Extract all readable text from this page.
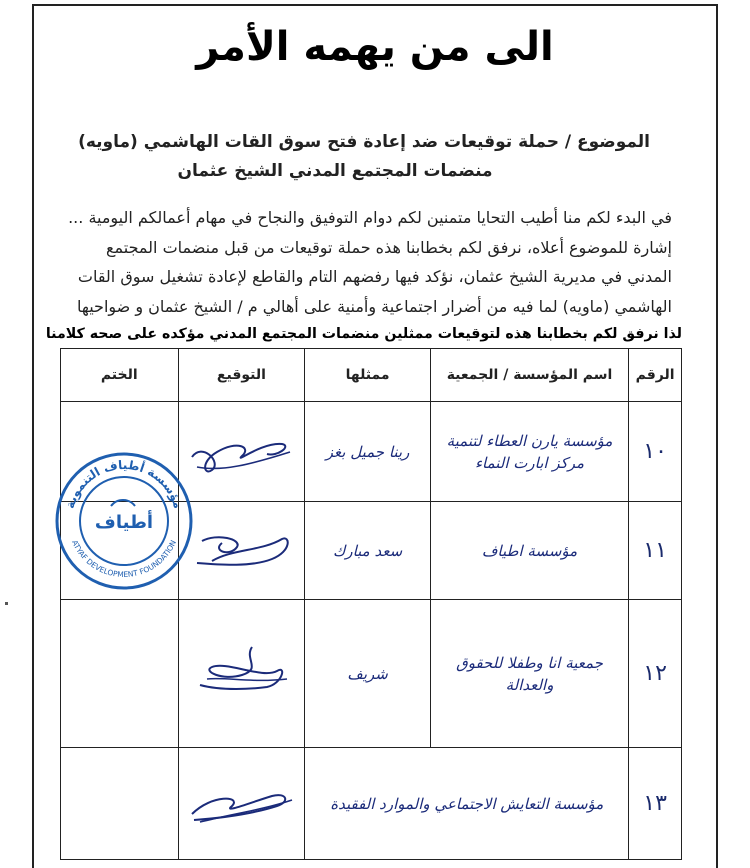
الى من يهمه الأمر
الموضوع / حملة توقيعات ضد إعادة فتح سوق القات الهاشمي (ماويه)
منضمات المجتمع المدني الشيخ عثمان
في البدء لكم منا أطيب التحايا متمنين لكم دوام التوفيق والنجاح في مهام أعمالكم اليومية ...
إشارة للموضوع أعلاه، نرفق لكم بخطابنا هذه حملة توقيعات من قبل منضمات المجتمع
المدني في مديرية الشيخ عثمان، نؤكد فيها رفضهم التام والقاطع لإعادة تشغيل سوق القات
الهاشمي (ماويه) لما فيه من أضرار اجتماعية وأمنية على أهالي م / الشيخ عثمان و ضواحيها
لذا نرفق لكم بخطابنا هذه لتوقيعات ممثلين منضمات المجتمع المدني مؤكده على صحه كلامنا
الرقم	اسم المؤسسة / الجمعية	ممثلها	التوقيع	الختم
١٠	مؤسسة يارن العطاء لتنمية
مركز ابارت النماء	رينا جميل بغز

١١	مؤسسة اطياف	سعد مبارك

١٢	جمعية انا وطفلا للحقوق
والعدالة	شريف

١٣	مؤسسة التعايش الاجتماعي والموارد الفقيدة

مؤسسة أطياف التنموية
ATYAF DEVELOPMENT FOUNDATION
أطياف
